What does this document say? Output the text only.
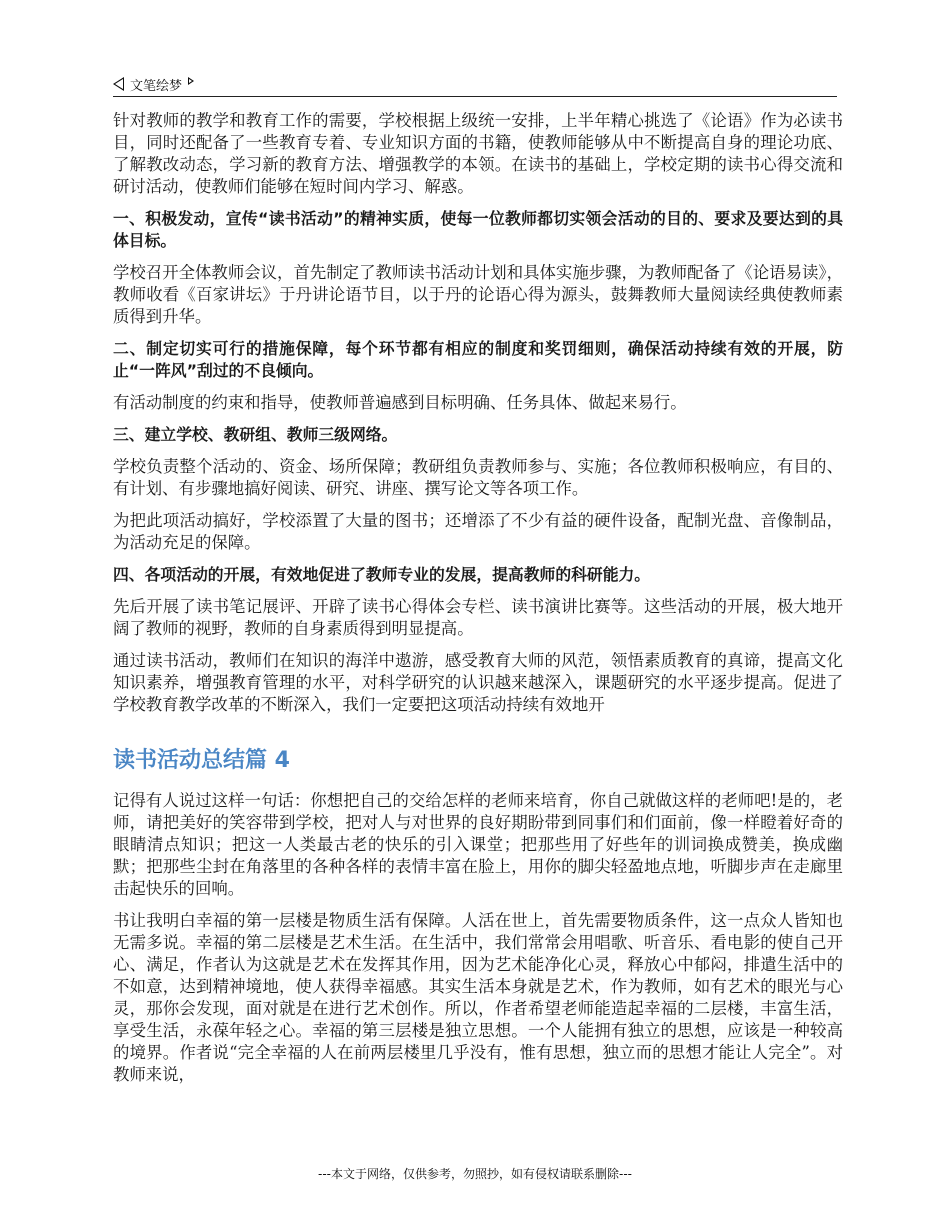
文笔绘梦

针对教师的教学和教育工作的需要，学校根据上级统一安排，上半年精心挑选了《论语》作为必读书目，同时还配备了一些教育专着、专业知识方面的书籍，使教师能够从中不断提高自身的理论功底、了解教改动态，学习新的教育方法、增强教学的本领。在读书的基础上，学校定期的读书心得交流和研讨活动，使教师们能够在短时间内学习、解惑。

一、积极发动，宣传“读书活动”的精神实质，使每一位教师都切实领会活动的目的、要求及要达到的具体目标。

学校召开全体教师会议，首先制定了教师读书活动计划和具体实施步骤，为教师配备了《论语易读》，教师收看《百家讲坛》于丹讲论语节目，以于丹的论语心得为源头，鼓舞教师大量阅读经典使教师素质得到升华。

二、制定切实可行的措施保障，每个环节都有相应的制度和奖罚细则，确保活动持续有效的开展，防止“一阵风”刮过的不良倾向。

有活动制度的约束和指导，使教师普遍感到目标明确、任务具体、做起来易行。

三、建立学校、教研组、教师三级网络。

学校负责整个活动的、资金、场所保障；教研组负责教师参与、实施；各位教师积极响应，有目的、有计划、有步骤地搞好阅读、研究、讲座、撰写论文等各项工作。

为把此项活动搞好，学校添置了大量的图书；还增添了不少有益的硬件设备，配制光盘、音像制品，为活动充足的保障。

四、各项活动的开展，有效地促进了教师专业的发展，提高教师的科研能力。

先后开展了读书笔记展评、开辟了读书心得体会专栏、读书演讲比赛等。这些活动的开展，极大地开阔了教师的视野，教师的自身素质得到明显提高。

通过读书活动，教师们在知识的海洋中遨游，感受教育大师的风范，领悟素质教育的真谛，提高文化知识素养，增强教育管理的水平，对科学研究的认识越来越深入，课题研究的水平逐步提高。促进了学校教育教学改革的不断深入，我们一定要把这项活动持续有效地开

读书活动总结篇 4

记得有人说过这样一句话：你想把自己的交给怎样的老师来培育，你自己就做这样的老师吧!是的，老师，请把美好的笑容带到学校，把对人与对世界的良好期盼带到同事们和们面前，像一样瞪着好奇的眼睛清点知识；把这一人类最古老的快乐的引入课堂；把那些用了好些年的训词换成赞美，换成幽默；把那些尘封在角落里的各种各样的表情丰富在脸上，用你的脚尖轻盈地点地，听脚步声在走廊里击起快乐的回响。

书让我明白幸福的第一层楼是物质生活有保障。人活在世上，首先需要物质条件，这一点众人皆知也无需多说。幸福的第二层楼是艺术生活。在生活中，我们常常会用唱歌、听音乐、看电影的使自己开心、满足，作者认为这就是艺术在发挥其作用，因为艺术能净化心灵，释放心中郁闷，排遣生活中的不如意，达到精神境地，使人获得幸福感。其实生活本身就是艺术，作为教师，如有艺术的眼光与心灵，那你会发现，面对就是在进行艺术创作。所以，作者希望老师能造起幸福的二层楼，丰富生活，享受生活，永葆年轻之心。幸福的第三层楼是独立思想。一个人能拥有独立的思想，应该是一种较高的境界。作者说“完全幸福的人在前两层楼里几乎没有，惟有思想，独立而的思想才能让人完全”。对教师来说，

---本文于网络，仅供参考，勿照抄，如有侵权请联系删除---
